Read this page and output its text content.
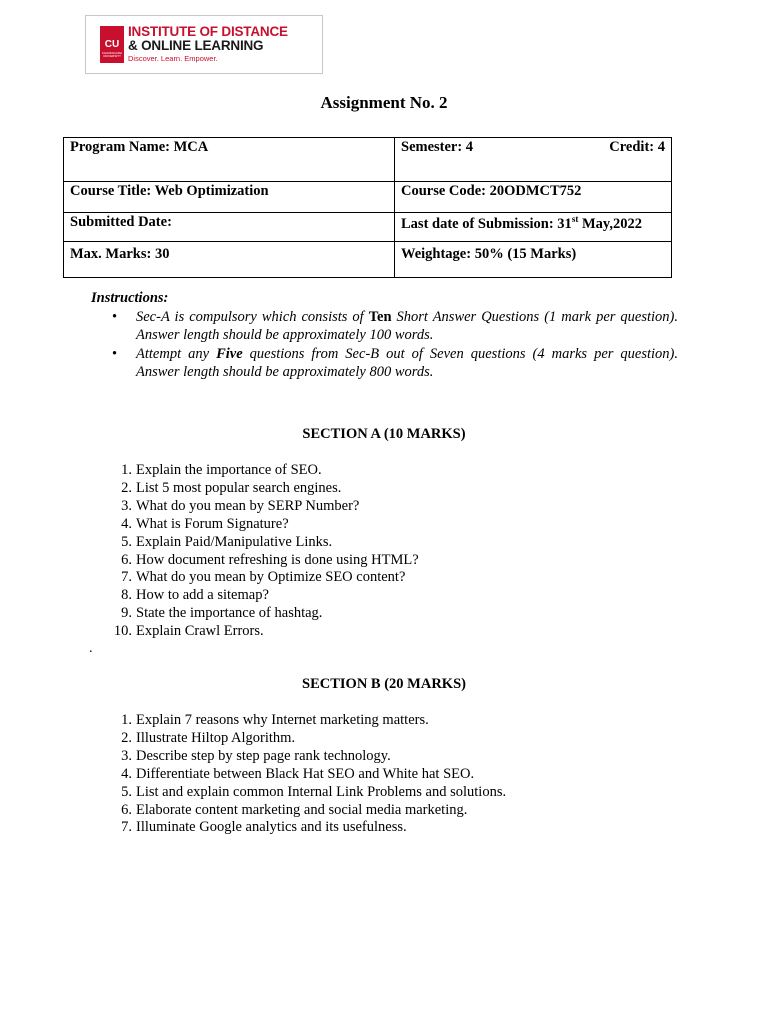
CU
CHANDIGARH UNIVERSITY
INSTITUTE OF DISTANCE
& ONLINE LEARNING
Discover. Learn. Empower.
Assignment No. 2
Program Name: MCA	Semester: 4 Credit: 4

Course Title: Web Optimization	Course Code: 20ODMCT752
Submitted Date:	Last date of Submission: 31st May,2022
Max. Marks: 30	Weightage: 50% (15 Marks)
Instructions:
• Sec-A is compulsory which consists of Ten Short Answer Questions (1 mark per question). Answer length should be approximately 100 words.
• Attempt any Five questions from Sec-B out of Seven questions (4 marks per question). Answer length should be approximately 800 words.
SECTION A (10 MARKS)
1. Explain the importance of SEO.
2. List 5 most popular search engines.
3. What do you mean by SERP Number?
4. What is Forum Signature?
5. Explain Paid/Manipulative Links.
6. How document refreshing is done using HTML?
7. What do you mean by Optimize SEO content?
8. How to add a sitemap?
9. State the importance of hashtag.
10. Explain Crawl Errors.
.
SECTION B (20 MARKS)
1. Explain 7 reasons why Internet marketing matters.
2. Illustrate Hiltop Algorithm.
3. Describe step by step page rank technology.
4. Differentiate between Black Hat SEO and White hat SEO.
5. List and explain common Internal Link Problems and solutions.
6. Elaborate content marketing and social media marketing.
7. Illuminate Google analytics and its usefulness.
